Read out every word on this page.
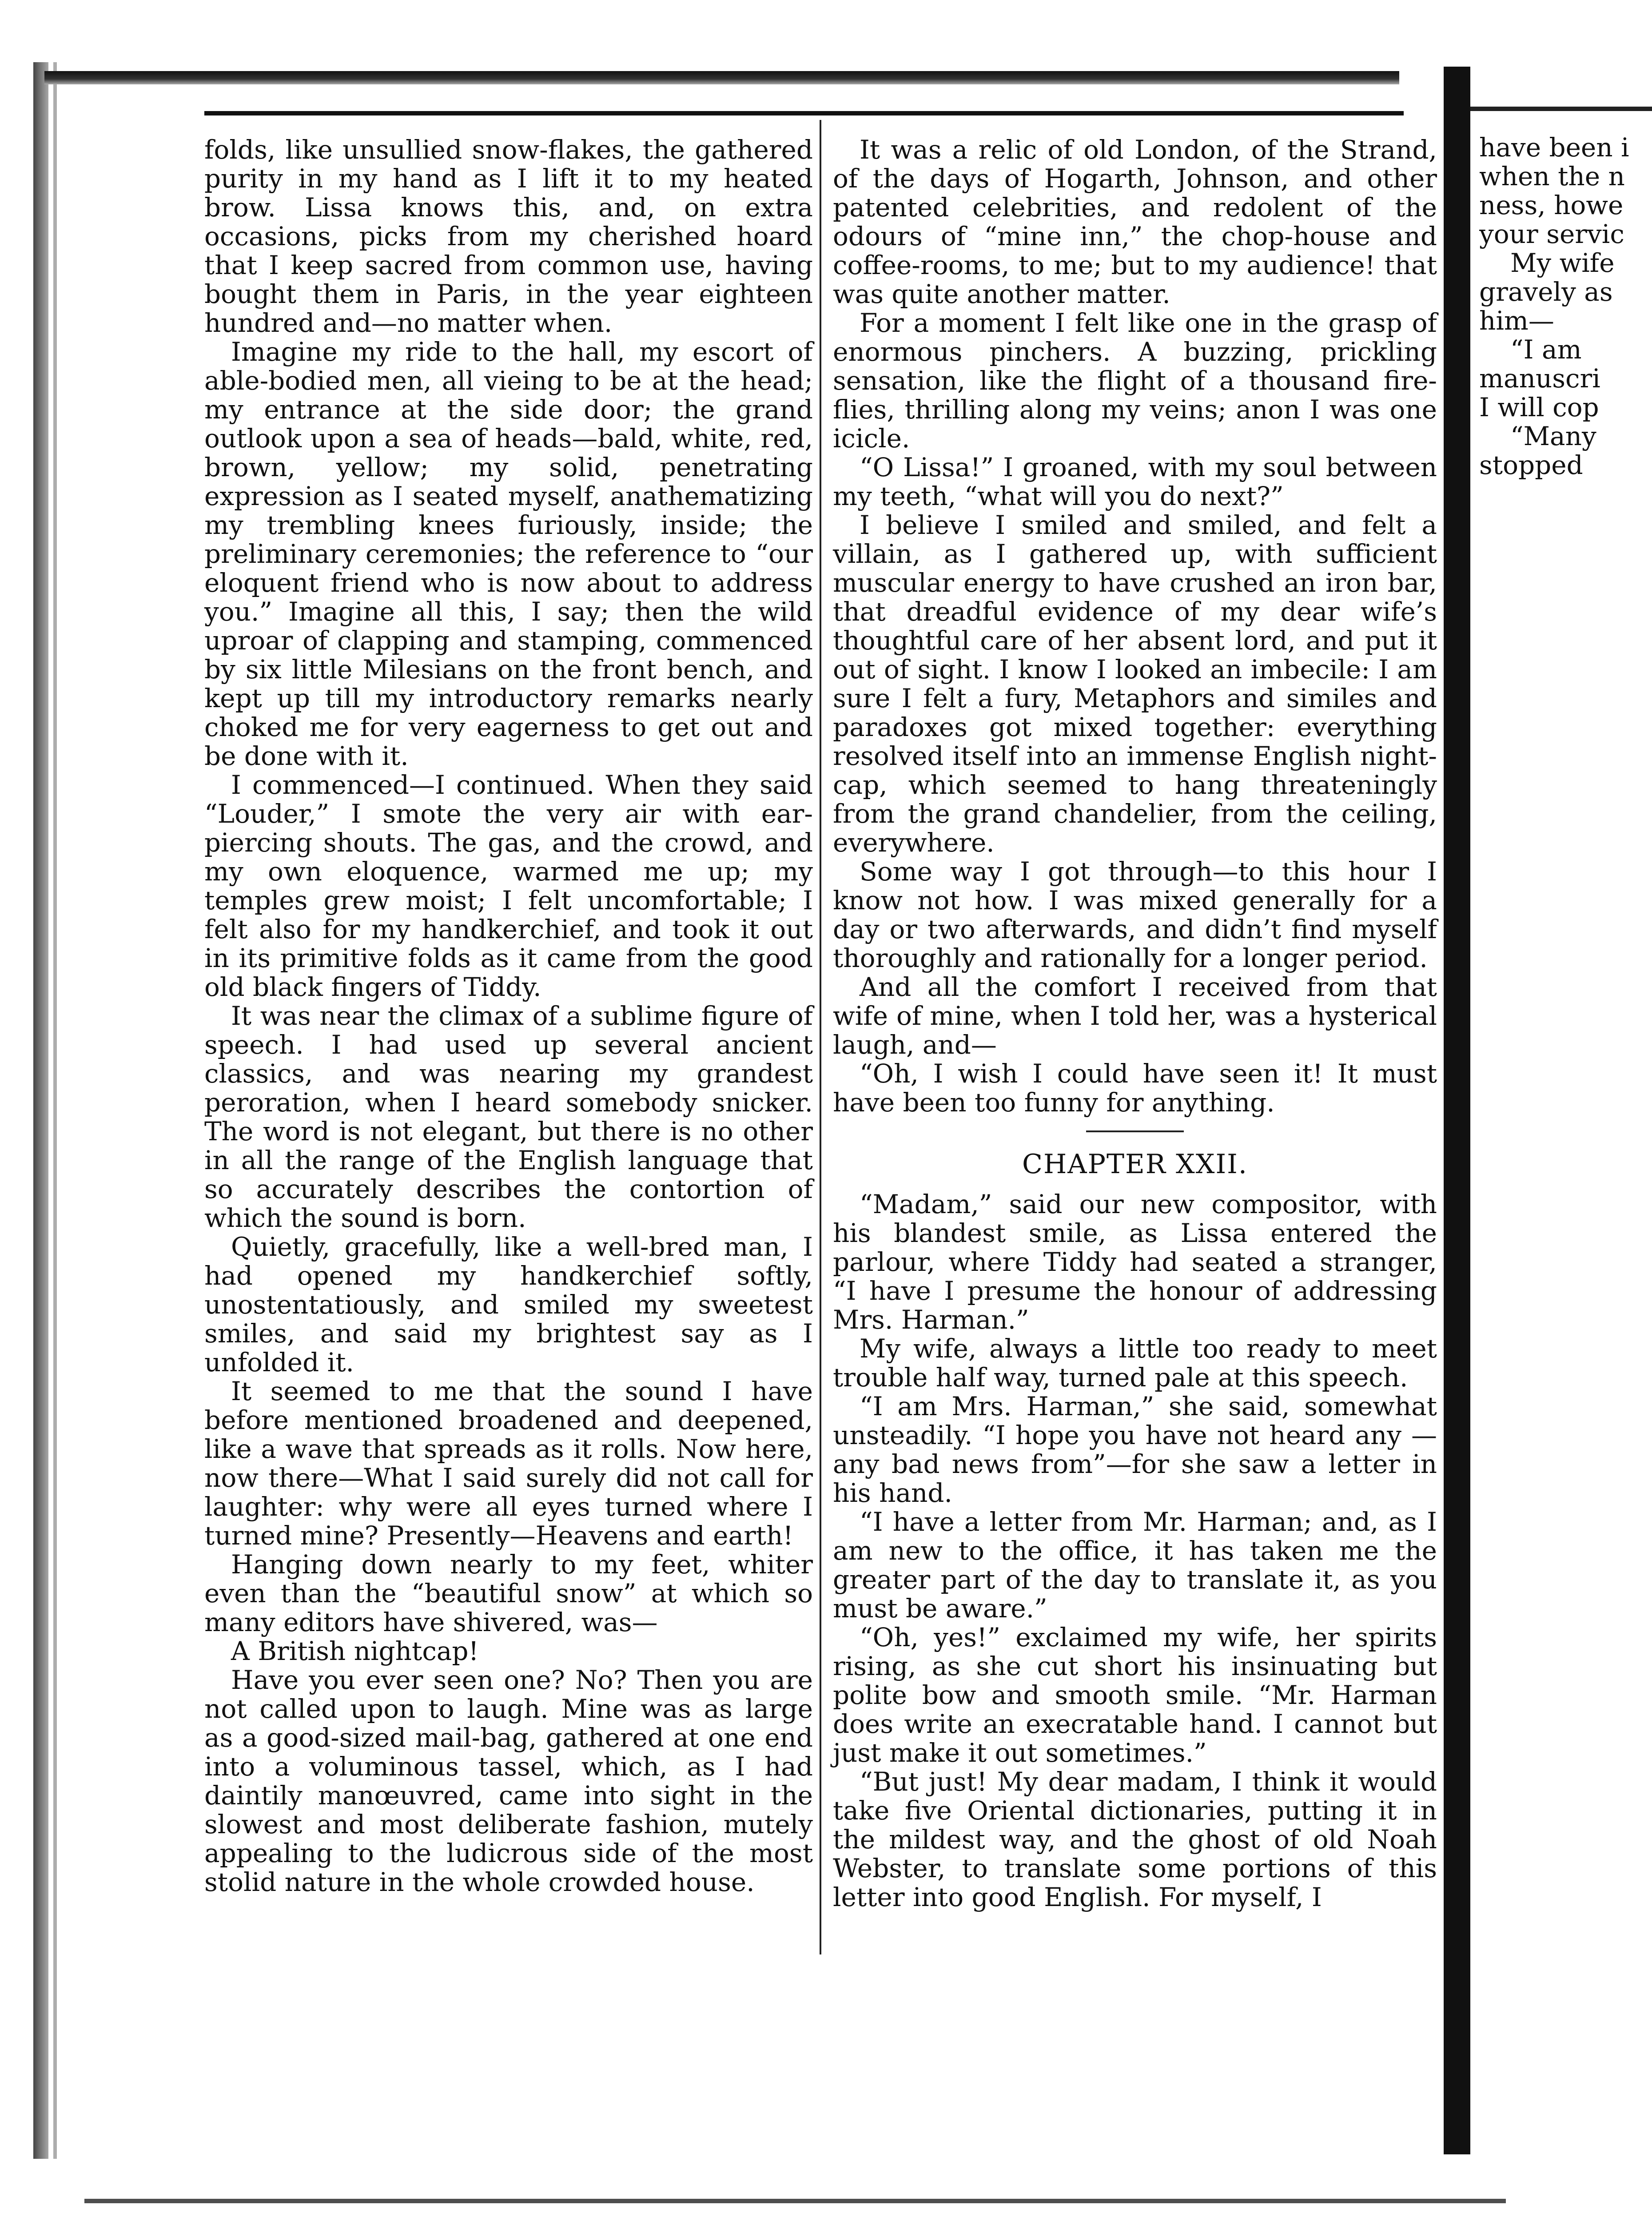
folds, like unsullied snow-flakes, the gathered purity in my hand as I lift it to my heated brow. Lissa knows this, and, on extra occasions, picks from my cherished hoard that I keep sacred from common use, having bought them in Paris, in the year eighteen hundred and—no matter when.

Imagine my ride to the hall, my escort of able-bodied men, all vieing to be at the head; my entrance at the side door; the grand outlook upon a sea of heads—bald, white, red, brown, yellow; my solid, penetrating expression as I seated myself, anathematizing my trembling knees furiously, inside; the preliminary ceremonies; the reference to “our eloquent friend who is now about to address you.” Imagine all this, I say; then the wild uproar of clapping and stamping, commenced by six little Milesians on the front bench, and kept up till my introductory remarks nearly choked me for very eagerness to get out and be done with it.

I commenced—I continued. When they said “Louder,” I smote the very air with ear-piercing shouts. The gas, and the crowd, and my own eloquence, warmed me up; my temples grew moist; I felt uncomfortable; I felt also for my handkerchief, and took it out in its primitive folds as it came from the good old black fingers of Tiddy.

It was near the climax of a sublime figure of speech. I had used up several ancient classics, and was nearing my grandest peroration, when I heard somebody snicker. The word is not elegant, but there is no other in all the range of the English language that so accurately describes the contortion of which the sound is born.

Quietly, gracefully, like a well-bred man, I had opened my handkerchief softly, unostentatiously, and smiled my sweetest smiles, and said my brightest say as I unfolded it.

It seemed to me that the sound I have before mentioned broadened and deepened, like a wave that spreads as it rolls. Now here, now there—What I said surely did not call for laughter: why were all eyes turned where I turned mine? Presently—Heavens and earth!

Hanging down nearly to my feet, whiter even than the “beautiful snow” at which so many editors have shivered, was—

A British nightcap!

Have you ever seen one? No? Then you are not called upon to laugh. Mine was as large as a good-sized mail-bag, gathered at one end into a voluminous tassel, which, as I had daintily manœuvred, came into sight in the slowest and most deliberate fashion, mutely appealing to the ludicrous side of the most stolid nature in the whole crowded house.

It was a relic of old London, of the Strand, of the days of Hogarth, Johnson, and other patented celebrities, and redolent of the odours of “mine inn,” the chop-house and coffee-rooms, to me; but to my audience! that was quite another matter.

For a moment I felt like one in the grasp of enormous pinchers. A buzzing, prickling sensation, like the flight of a thousand fire-flies, thrilling along my veins; anon I was one icicle.

“O Lissa!” I groaned, with my soul between my teeth, “what will you do next?”

I believe I smiled and smiled, and felt a villain, as I gathered up, with sufficient muscular energy to have crushed an iron bar, that dreadful evidence of my dear wife’s thoughtful care of her absent lord, and put it out of sight. I know I looked an imbecile: I am sure I felt a fury, Metaphors and similes and paradoxes got mixed together: everything resolved itself into an immense English night-cap, which seemed to hang threateningly from the grand chandelier, from the ceiling, everywhere.

Some way I got through—to this hour I know not how. I was mixed generally for a day or two afterwards, and didn’t find myself thoroughly and rationally for a longer period.

And all the comfort I received from that wife of mine, when I told her, was a hysterical laugh, and—

“Oh, I wish I could have seen it! It must have been too funny for anything.

CHAPTER XXII.

“Madam,” said our new compositor, with his blandest smile, as Lissa entered the parlour, where Tiddy had seated a stranger, “I have I presume the honour of addressing Mrs. Harman.”

My wife, always a little too ready to meet trouble half way, turned pale at this speech.

“I am Mrs. Harman,” she said, somewhat unsteadily. “I hope you have not heard any —any bad news from”—for she saw a letter in his hand.

“I have a letter from Mr. Harman; and, as I am new to the office, it has taken me the greater part of the day to translate it, as you must be aware.”

“Oh, yes!” exclaimed my wife, her spirits rising, as she cut short his insinuating but polite bow and smooth smile. “Mr. Harman does write an execratable hand. I cannot but just make it out sometimes.”

“But just! My dear madam, I think it would take five Oriental dictionaries, putting it in the mildest way, and the ghost of old Noah Webster, to translate some portions of this letter into good English. For myself, I

have been i
when the n
ness, howe
your servic
My wife
gravely as
him—
“I am
manuscri
I will cop
“Many
stopped
